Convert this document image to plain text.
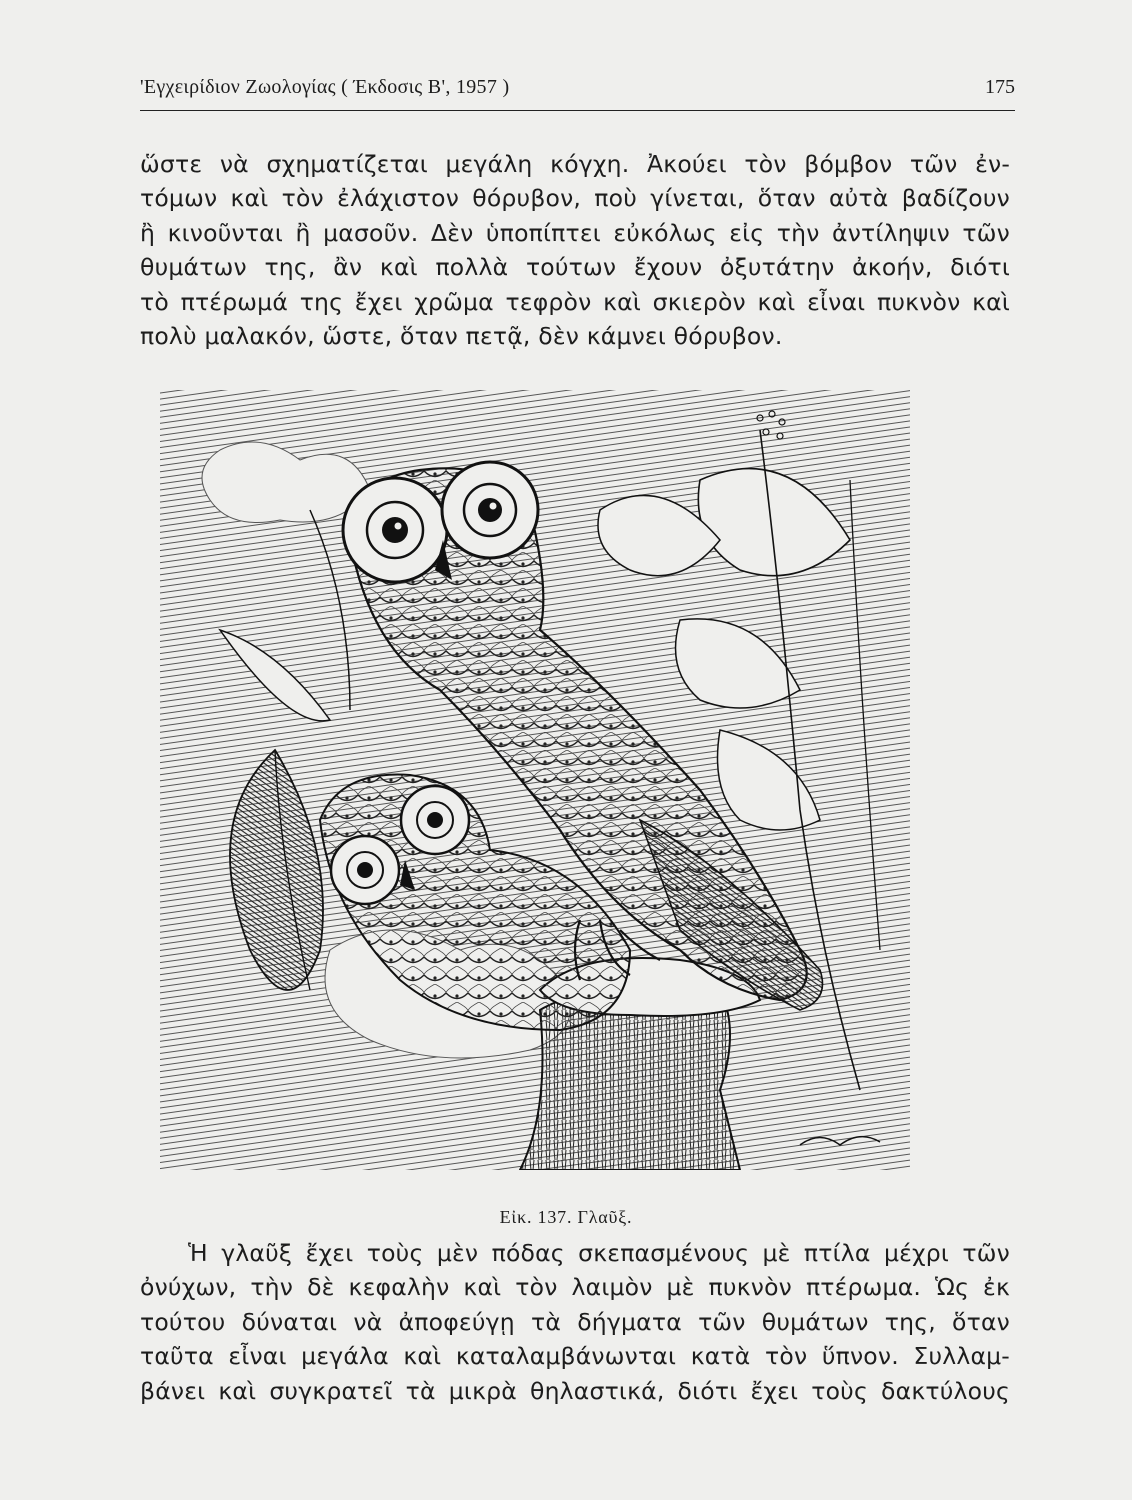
'Εγχειρίδιον Ζωολογίας ( Έκδοσις Β', 1957 )	175
ὥστε νὰ σχηματίζεται μεγάλη κόγχη. Ἀκούει τὸν βόμβον τῶν ἐν-
τόμων καὶ τὸν ἐλάχιστον θόρυβον, ποὺ γίνεται, ὅταν αὐτὰ βαδίζουν
ἢ κινοῦνται ἢ μασοῦν. Δὲν ὑποπίπτει εὐκόλως εἰς τὴν ἀντίληψιν τῶν
θυμάτων της, ἂν καὶ πολλὰ τούτων ἔχουν ὀξυτάτην ἀκοήν, διότι
τὸ πτέρωμά της ἔχει χρῶμα τεφρὸν καὶ σκιερὸν καὶ εἶναι πυκνὸν καὶ
πολὺ μαλακόν, ὥστε, ὅταν πετᾷ, δὲν κάμνει θόρυβον.
Εἰκ. 137. Γλαῦξ.
Ἡ γλαῦξ ἔχει τοὺς μὲν πόδας σκεπασμένους μὲ πτίλα μέχρι τῶν
ὀνύχων, τὴν δὲ κεφαλὴν καὶ τὸν λαιμὸν μὲ πυκνὸν πτέρωμα. Ὡς ἐκ
τούτου δύναται νὰ ἀποφεύγῃ τὰ δήγματα τῶν θυμάτων της, ὅταν
ταῦτα εἶναι μεγάλα καὶ καταλαμβάνωνται κατὰ τὸν ὕπνον. Συλλαμ-
βάνει καὶ συγκρατεῖ τὰ μικρὰ θηλαστικά, διότι ἔχει τοὺς δακτύλους
